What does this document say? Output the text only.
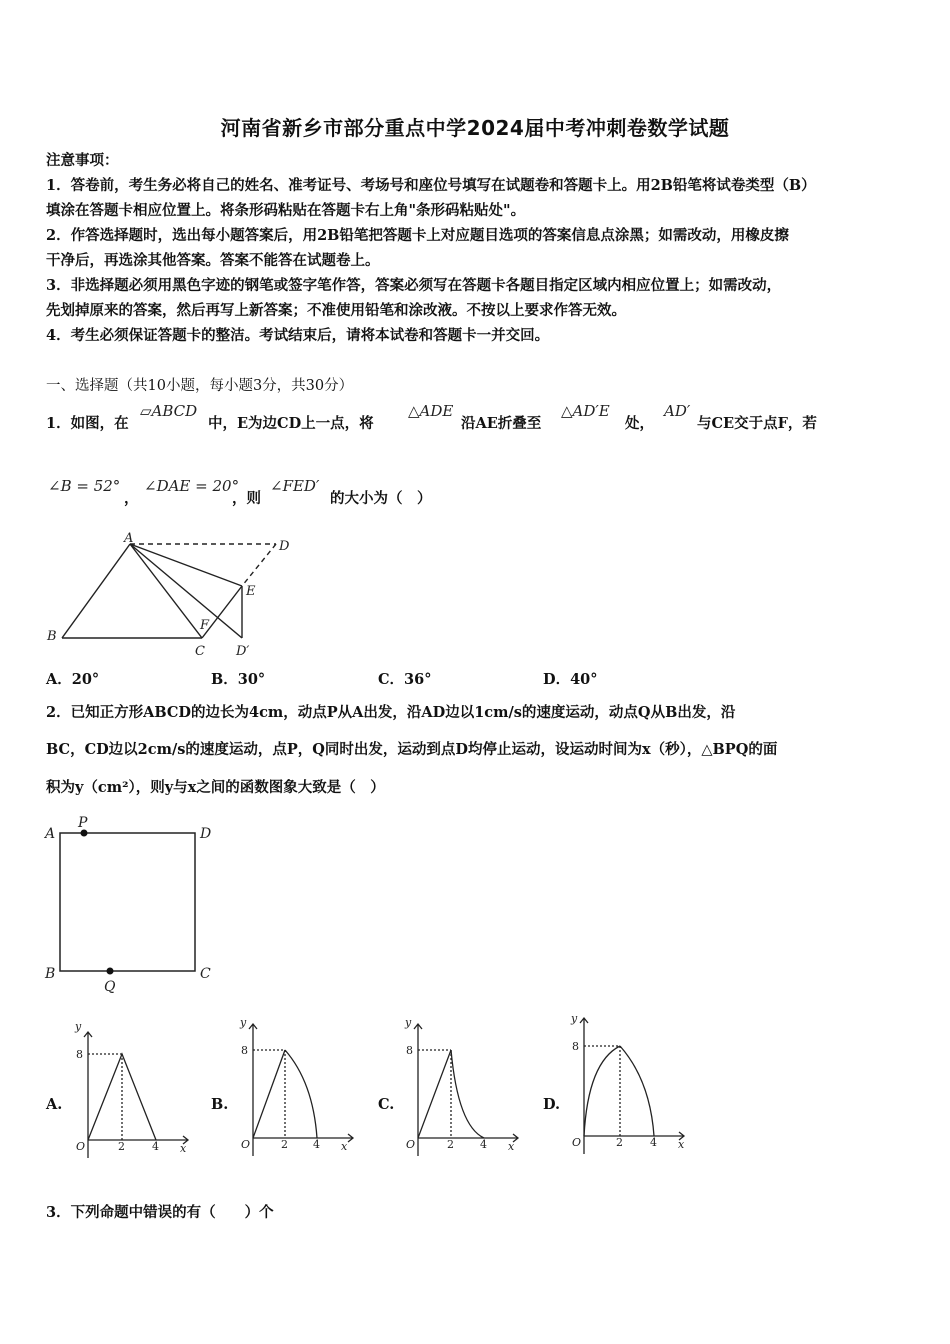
河南省新乡市部分重点中学2024届中考冲刺卷数学试题
注意事项：
1．答卷前，考生务必将自己的姓名、准考证号、考场号和座位号填写在试题卷和答题卡上。用2B铅笔将试卷类型（B）
填涂在答题卡相应位置上。将条形码粘贴在答题卡右上角"条形码粘贴处"。
2．作答选择题时，选出每小题答案后，用2B铅笔把答题卡上对应题目选项的答案信息点涂黑；如需改动，用橡皮擦
干净后，再选涂其他答案。答案不能答在试题卷上。
3．非选择题必须用黑色字迹的钢笔或签字笔作答，答案必须写在答题卡各题目指定区域内相应位置上；如需改动，
先划掉原来的答案，然后再写上新答案；不准使用铅笔和涂改液。不按以上要求作答无效。
4．考生必须保证答题卡的整洁。考试结束后，请将本试卷和答题卡一并交回。
一、选择题（共10小题，每小题3分，共30分）
1．如图，在
▱ABCD
中，E为边CD上一点，将
△ADE
沿AE折叠至
△AD′E
处，
AD′
与CE交于点F，若
∠B = 52°
，
∠DAE = 20°
，则
∠FED′
的大小为（　）
A
B
C
D
E
F
D′
A．20°	B．30°	C．36°	D．40°
2．已知正方形ABCD的边长为4cm，动点P从A出发，沿AD边以1cm/s的速度运动，动点Q从B出发，沿
BC，CD边以2cm/s的速度运动，点P，Q同时出发，运动到点D均停止运动，设运动时间为x（秒），△BPQ的面
积为y（cm²），则y与x之间的函数图象大致是（　）
A
P
D
B
Q
C
A.
y
8
O	2 4 x
B.
y
8
O	2 4 x
C.
y
8
O	2 4 x
D.
y
8
O	2 4 x
3．下列命题中错误的有（　　）个
